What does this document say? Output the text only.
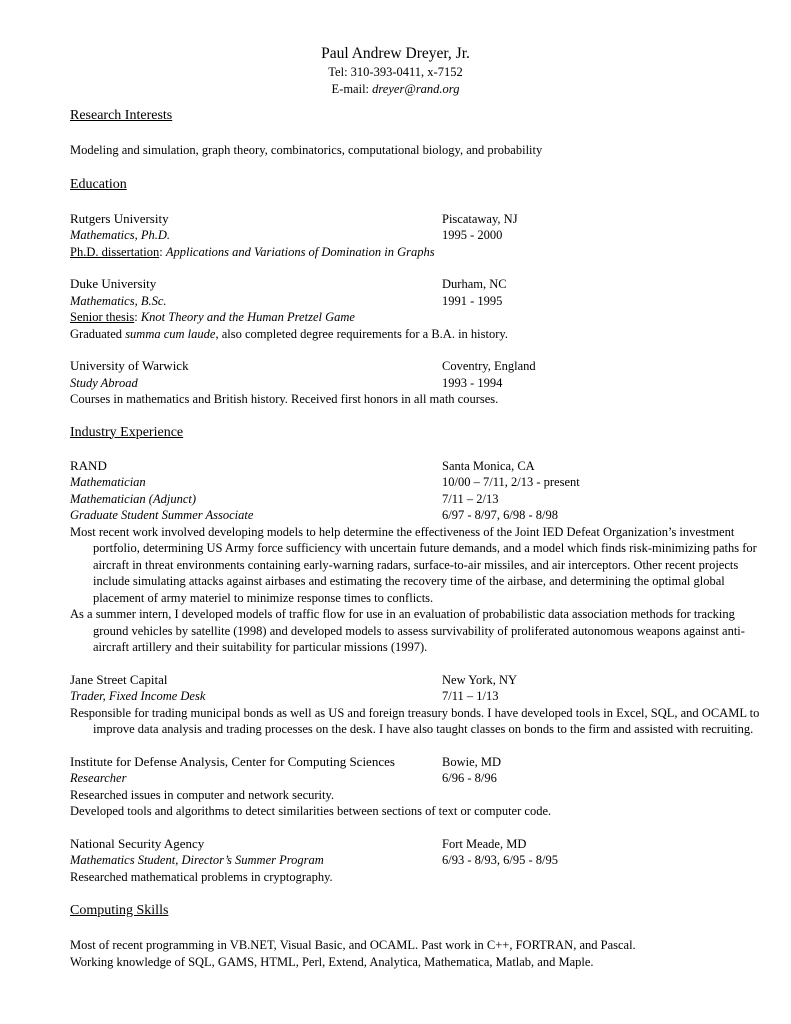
Paul Andrew Dreyer, Jr.
Tel: 310-393-0411, x-7152
E-mail: dreyer@rand.org
Research Interests

Modeling and simulation, graph theory, combinatorics, computational biology, and probability

Education
Rutgers University	Piscataway, NJ
Mathematics, Ph.D.	1995 - 2000
Ph.D. dissertation: Applications and Variations of Domination in Graphs
Duke University	Durham, NC
Mathematics, B.Sc.	1991 - 1995
Senior thesis: Knot Theory and the Human Pretzel Game
Graduated summa cum laude, also completed degree requirements for a B.A. in history.
University of Warwick	Coventry, England
Study Abroad	1993 - 1994
Courses in mathematics and British history. Received first honors in all math courses.
Industry Experience
RAND	Santa Monica, CA
Mathematician	10/00 – 7/11, 2/13 - present
Mathematician (Adjunct)	7/11 – 2/13
Graduate Student Summer Associate	6/97 - 8/97, 6/98 - 8/98

Most recent work involved developing models to help determine the effectiveness of the Joint IED Defeat Organization’s investment portfolio, determining US Army force sufficiency with uncertain future demands, and a model which finds risk-minimizing paths for aircraft in threat environments containing early-warning radars, surface-to-air missiles, and air interceptors. Other recent projects include simulating attacks against airbases and estimating the recovery time of the airbase, and determining the optimal global placement of army materiel to minimize response times to conflicts.

As a summer intern, I developed models of traffic flow for use in an evaluation of probabilistic data association methods for tracking ground vehicles by satellite (1998) and developed models to assess survivability of proliferated autonomous weapons against anti-aircraft artillery and their suitability for particular missions (1997).

Jane Street Capital	New York, NY
Trader, Fixed Income Desk	7/11 – 1/13

Responsible for trading municipal bonds as well as US and foreign treasury bonds. I have developed tools in Excel, SQL, and OCAML to improve data analysis and trading processes on the desk. I have also taught classes on bonds to the firm and assisted with recruiting.

Institute for Defense Analysis, Center for Computing Sciences	Bowie, MD
Researcher	6/96 - 8/96
Researched issues in computer and network security.
Developed tools and algorithms to detect similarities between sections of text or computer code.
National Security Agency	Fort Meade, MD
Mathematics Student, Director’s Summer Program	6/93 - 8/93, 6/95 - 8/95
Researched mathematical problems in cryptography.
Computing Skills
Most of recent programming in VB.NET, Visual Basic, and OCAML. Past work in C++, FORTRAN, and Pascal.
Working knowledge of SQL, GAMS, HTML, Perl, Extend, Analytica, Mathematica, Matlab, and Maple.
